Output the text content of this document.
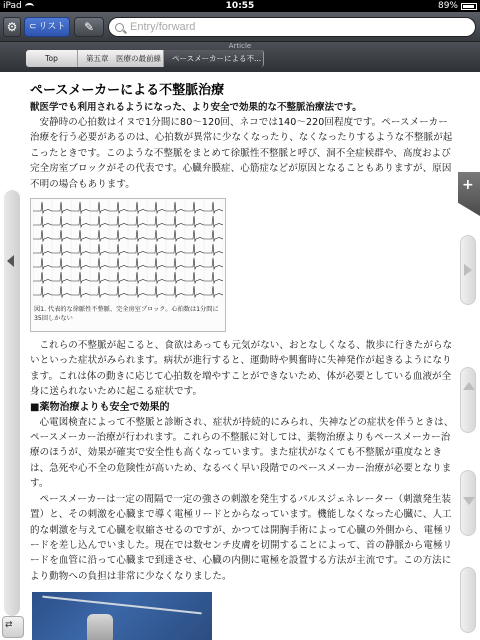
iPad	10:55	89%
⚙	⊂ リスト	✎
Entry/forward
Article
Top	第五章　医療の最前線	ペースメーカーによる不...
+
⇄
ペースメーカーによる不整脈治療
獣医学でも利用されるようになった、より安全で効果的な不整脈治療法です。

安静時の心拍数はイヌで1分間に80〜120回、ネコでは140〜220回程度です。ペースメーカー治療を行う必要があるのは、心拍数が異常に少なくなったり、なくなったりするような不整脈が起こったときです。このような不整脈をまとめて徐脈性不整脈と呼び、洞不全症候群や、高度および完全房室ブロックがその代表です。心臓弁膜症、心筋症などが原因となることもありますが、原因不明の場合もあります。

図1. 代表的な徐脈性不整脈、完全房室ブロック。心拍数は1分間に35回しかない

これらの不整脈が起こると、食欲はあっても元気がない、おとなしくなる、散歩に行きたがらないといった症状がみられます。病状が進行すると、運動時や興奮時に失神発作が起きるようになります。これは体の動きに応じて心拍数を増やすことができないため、体が必要としている血液が全身に送られないために起こる症状です。

■薬物治療よりも安全で効果的

心電図検査によって不整脈と診断され、症状が持続的にみられ、失神などの症状を伴うときは、ペースメーカー治療が行われます。これらの不整脈に対しては、薬物治療よりもペースメーカー治療のほうが、効果が確実で安全性も高くなっています。また症状がなくても不整脈が重度なときは、急死や心不全の危険性が高いため、なるべく早い段階でのペースメーカー治療が必要となります。

ペースメーカーは一定の間隔で一定の強さの刺激を発生するパルスジェネレーター（刺激発生装置）と、その刺激を心臓まで導く電極リードとからなっています。機能しなくなった心臓に、人工的な刺激を与えて心臓を収縮させるのですが、かつては開胸手術によって心臓の外側から、電極リードを差し込んでいました。現在では数センチ皮膚を切開することによって、首の静脈から電極リードを血管に沿って心臓まで到達させ、心臓の内側に電極を設置する方法が主流です。この方法により動物への負担は非常に少なくなりました。
